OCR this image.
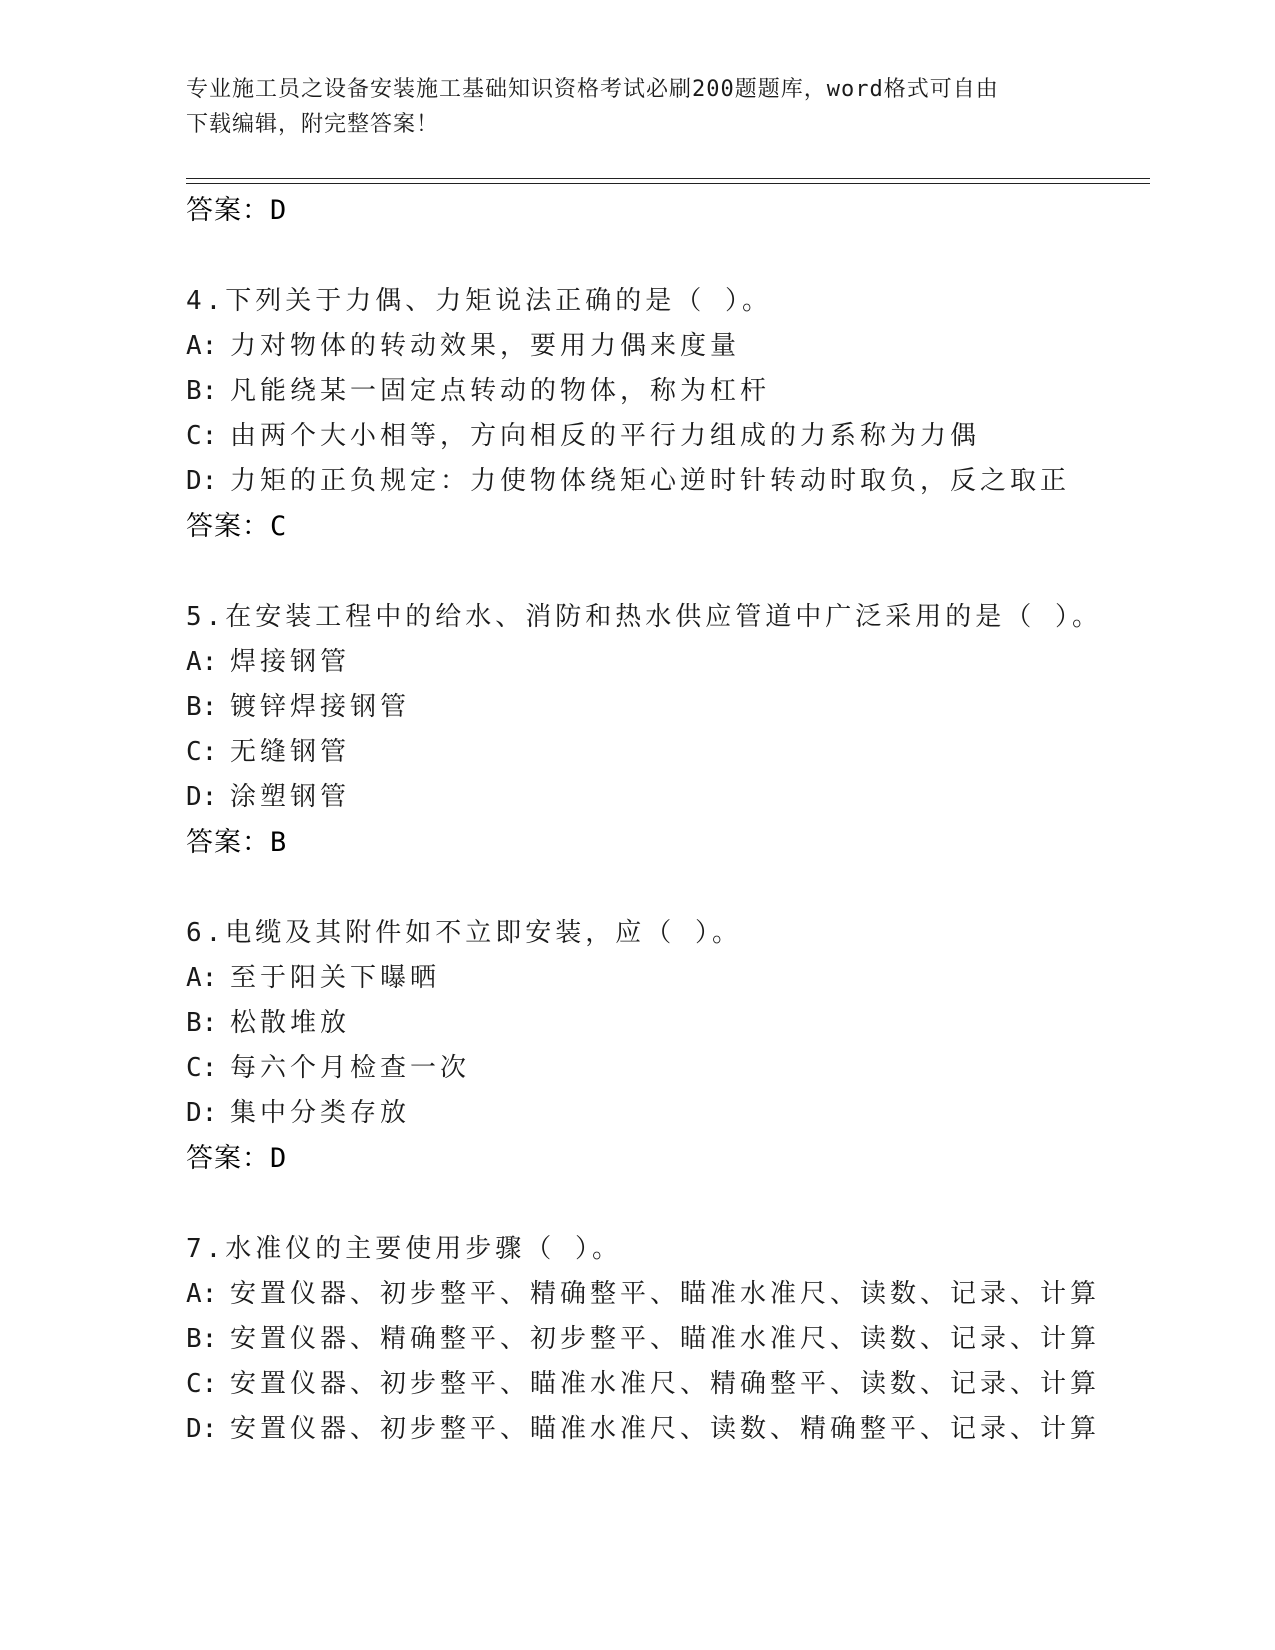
专业施工员之设备安装施工基础知识资格考试必刷200题题库，word格式可自由
下载编辑，附完整答案！
答案：D
4.下列关于力偶、力矩说法正确的是（ ）。
A: 力对物体的转动效果，要用力偶来度量
B: 凡能绕某一固定点转动的物体，称为杠杆
C: 由两个大小相等，方向相反的平行力组成的力系称为力偶
D: 力矩的正负规定：力使物体绕矩心逆时针转动时取负，反之取正
答案：C
5.在安装工程中的给水、消防和热水供应管道中广泛采用的是（ ）。
A: 焊接钢管
B: 镀锌焊接钢管
C: 无缝钢管
D: 涂塑钢管
答案：B
6.电缆及其附件如不立即安装，应（ ）。
A: 至于阳关下曝晒
B: 松散堆放
C: 每六个月检查一次
D: 集中分类存放
答案：D
7.水准仪的主要使用步骤（ ）。
A: 安置仪器、初步整平、精确整平、瞄准水准尺、读数、记录、计算
B: 安置仪器、精确整平、初步整平、瞄准水准尺、读数、记录、计算
C: 安置仪器、初步整平、瞄准水准尺、精确整平、读数、记录、计算
D: 安置仪器、初步整平、瞄准水准尺、读数、精确整平、记录、计算
